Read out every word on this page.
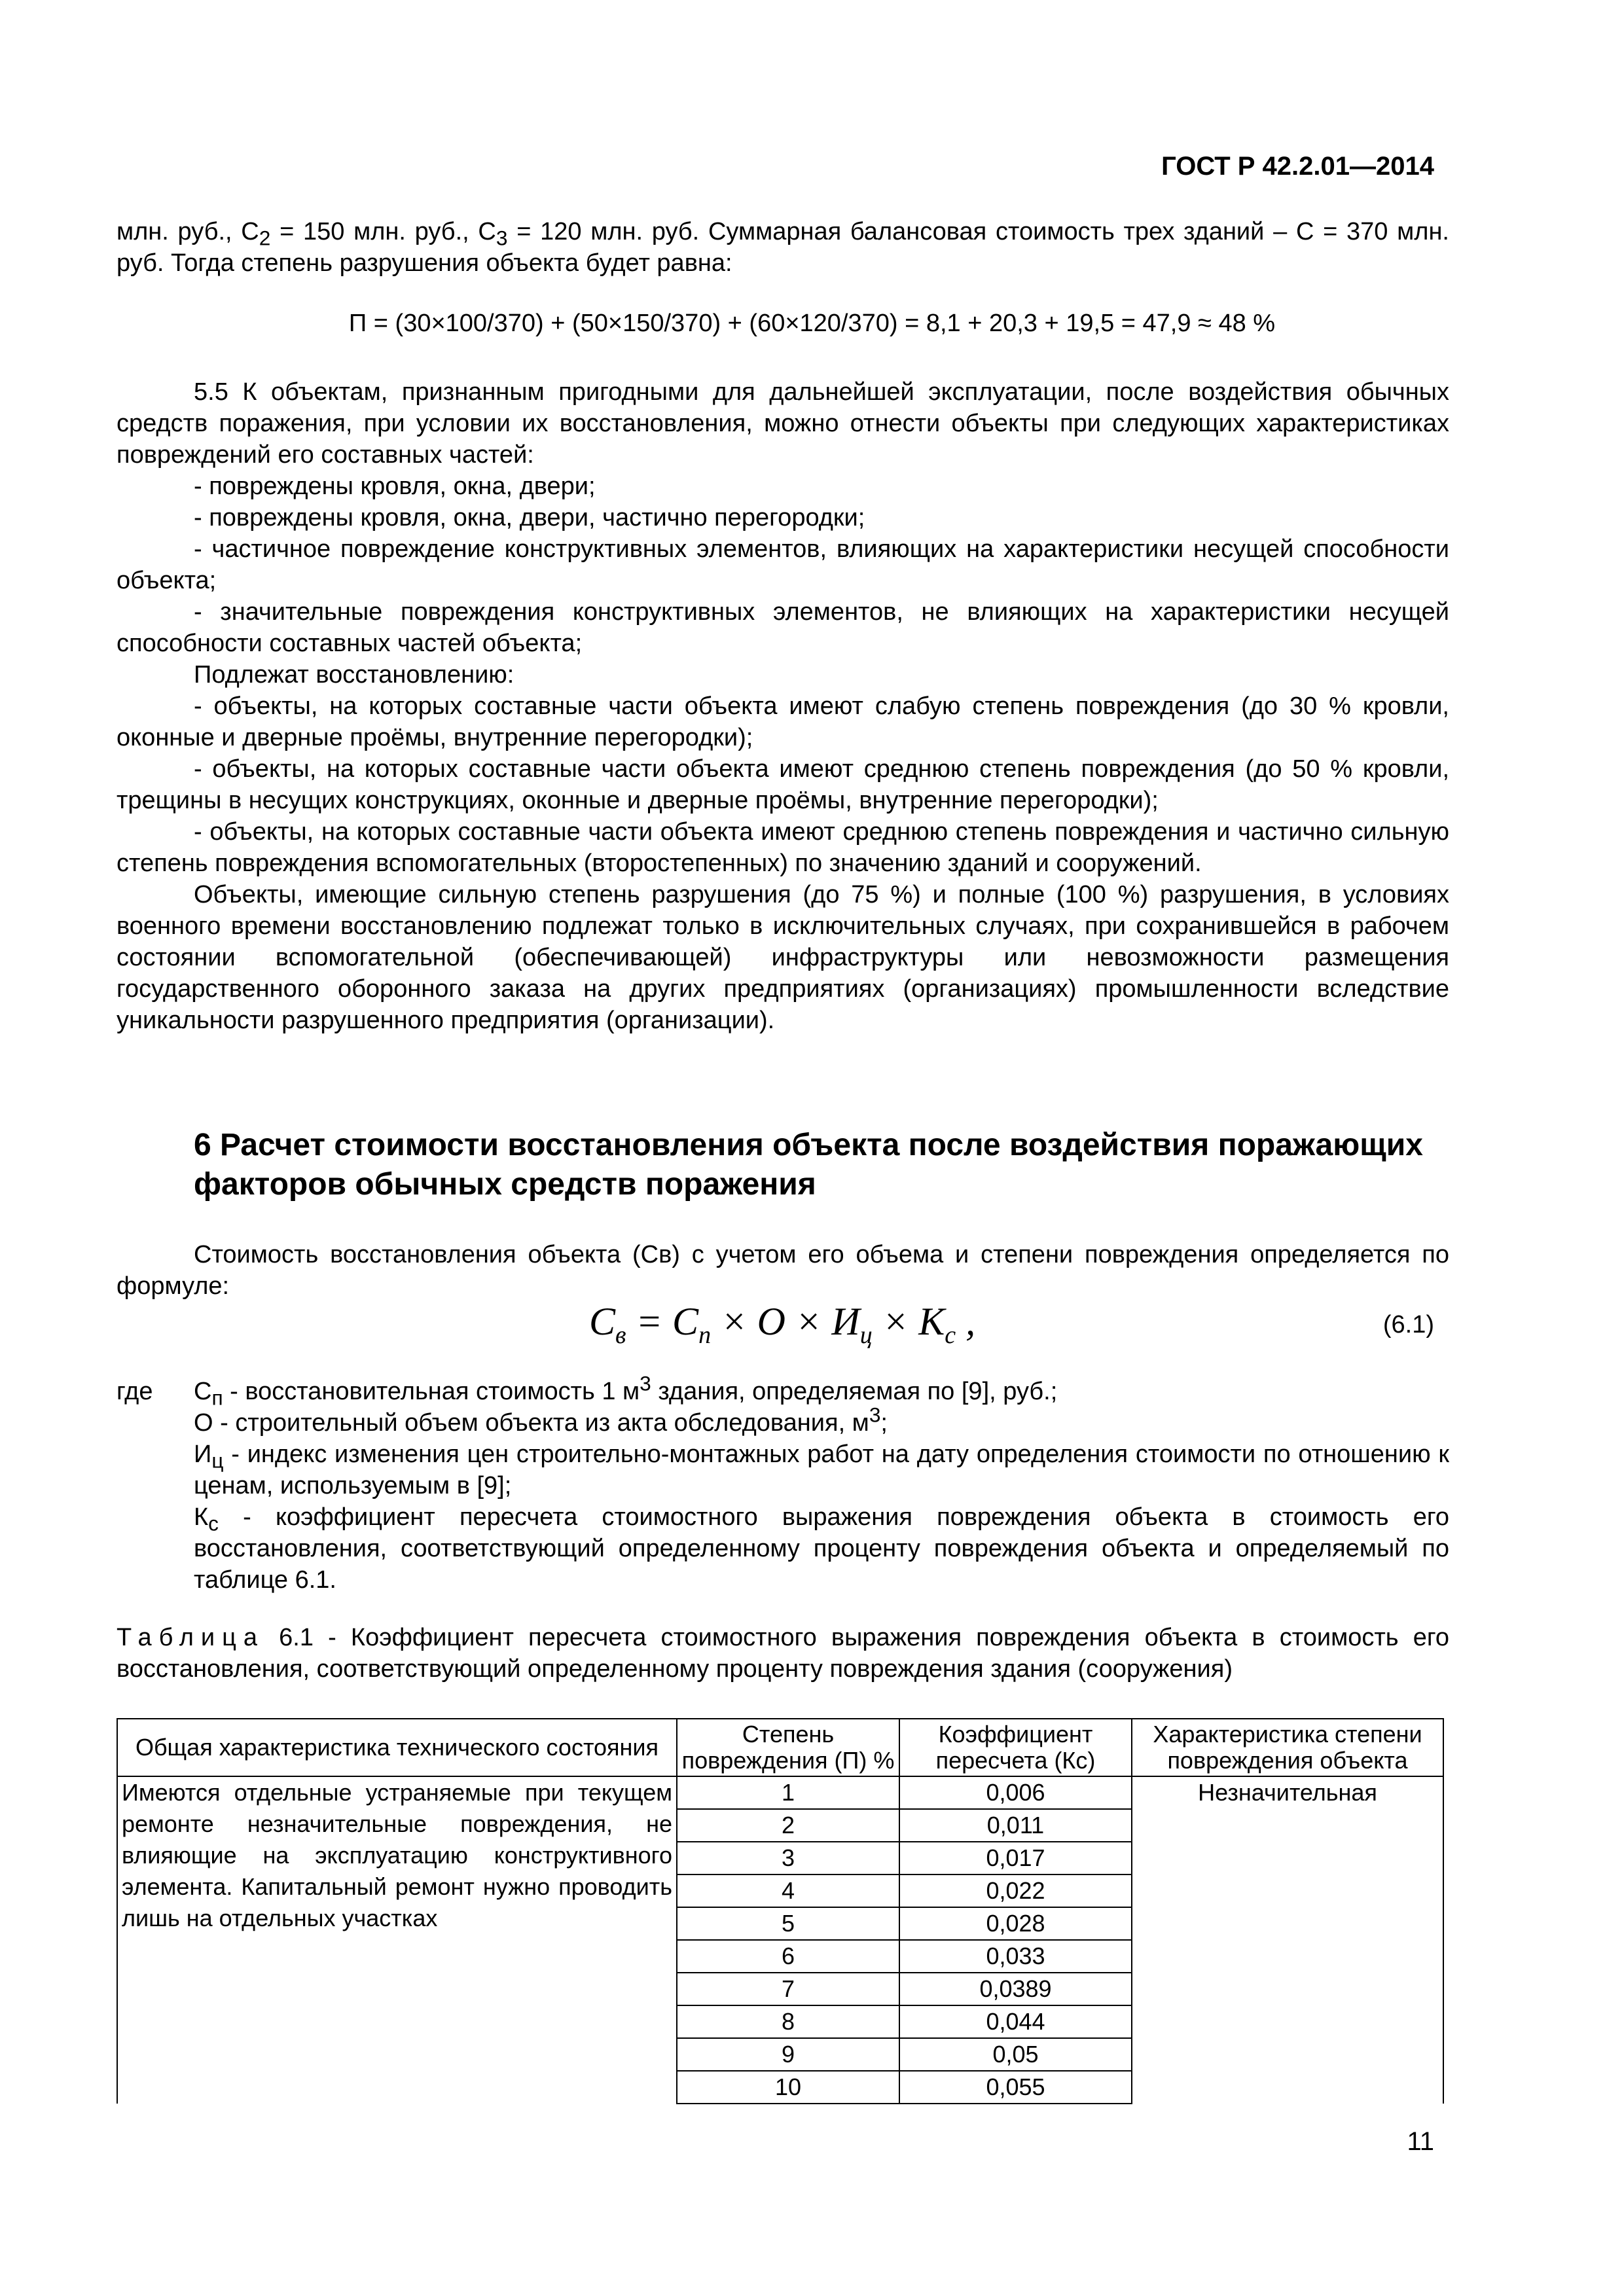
ГОСТ Р 42.2.01—2014

млн. руб., $С_2 = 150$ млн. руб., $С_3 = 120$ млн. руб. Суммарная балансовая стоимость трех зданий – С = 370 млн. руб. Тогда степень разрушения объекта будет равна:

П = (30×100/370) + (50×150/370) + (60×120/370) = 8,1 + 20,3 + 19,5 = 47,9 ≈ 48 %

5.5 К объектам, признанным пригодными для дальнейшей эксплуатации, после воздействия обычных средств поражения, при условии их восстановления, можно отнести объекты при следующих характеристиках повреждений его составных частей:

- повреждены кровля, окна, двери;

- повреждены кровля, окна, двери, частично перегородки;

- частичное повреждение конструктивных элементов, влияющих на характеристики несущей способности объекта;

- значительные повреждения конструктивных элементов, не влияющих на характеристики несущей способности составных частей объекта;

Подлежат восстановлению:

- объекты, на которых составные части объекта имеют слабую степень повреждения (до 30 % кровли, оконные и дверные проёмы, внутренние перегородки);

- объекты, на которых составные части объекта имеют среднюю степень повреждения (до 50 % кровли, трещины в несущих конструкциях, оконные и дверные проёмы, внутренние перегородки);

- объекты, на которых составные части объекта имеют среднюю степень повреждения и частично сильную степень повреждения вспомогательных (второстепенных) по значению зданий и сооружений.

Объекты, имеющие сильную степень разрушения (до 75 %) и полные (100 %) разрушения, в условиях военного времени восстановлению подлежат только в исключительных случаях, при сохранившейся в рабочем состоянии вспомогательной (обеспечивающей) инфраструктуры или невозможности размещения государственного оборонного заказа на других предприятиях (организациях) промышленности вследствие уникальности разрушенного предприятия (организации).

6 Расчет стоимости восстановления объекта после воздействия поражающих факторов обычных средств поражения

Стоимость восстановления объекта (Св) с учетом его объема и степени повреждения определяется по формуле:

$C_в = C_п \times O \times И_ц \times K_с$ ,	(6.1)
где $С_п$ - восстановительная стоимость 1 $м^3$ здания, определяемая по [9], руб.;

О - строительный объем объекта из акта обследования, $м^3$;

$И_ц$ - индекс изменения цен строительно-монтажных работ на дату определения стоимости по отношению к ценам, используемым в [9];

$К_с$ - коэффициент пересчета стоимостного выражения повреждения объекта в стоимость его восстановления, соответствующий определенному проценту повреждения объекта и определяемый по таблице 6.1.

Таблица 6.1 - Коэффициент пересчета стоимостного выражения повреждения объекта в стоимость его восстановления, соответствующий определенному проценту повреждения здания (сооружения)
Общая характеристика технического состояния	Степень повреждения (П) %	Коэффициент пересчета (Кс)	Характеристика степени повреждения объекта
Имеются отдельные устраняемые при текущем ремонте незначительные повреждения, не влияющие на эксплуатацию конструктивного элемента. Капитальный ремонт нужно проводить лишь на отдельных участках	1	0,006	Незначительная
	2	0,011	
	3	0,017	
	4	0,022	
	5	0,028	
	6	0,033	
	7	0,0389	
	8	0,044	
	9	0,05	
	10	0,055	
11
